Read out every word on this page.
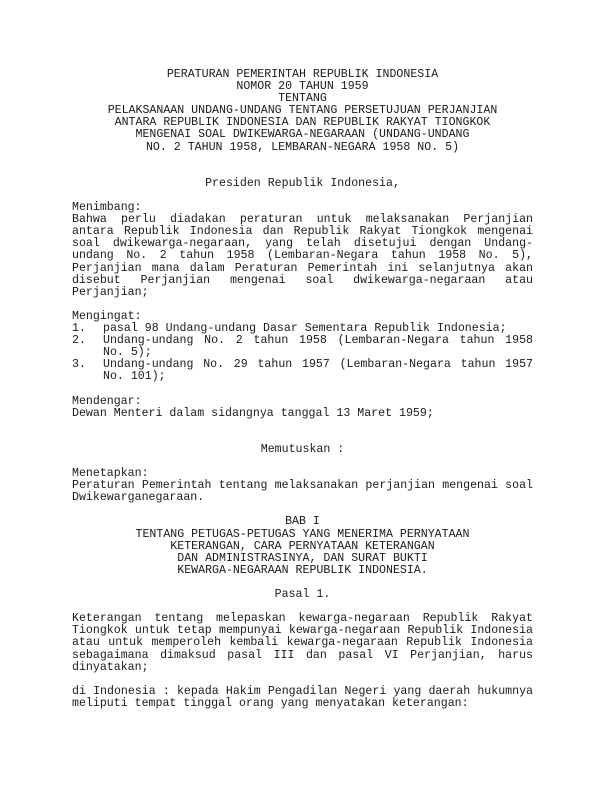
PERATURAN PEMERINTAH REPUBLIK INDONESIA
NOMOR 20 TAHUN 1959
TENTANG
PELAKSANAAN UNDANG-UNDANG TENTANG PERSETUJUAN PERJANJIAN
ANTARA REPUBLIK INDONESIA DAN REPUBLIK RAKYAT TIONGKOK
MENGENAI SOAL DWIKEWARGA-NEGARAAN (UNDANG-UNDANG
NO. 2 TAHUN 1958, LEMBARAN-NEGARA 1958 NO. 5)
Presiden Republik Indonesia,
Menimbang:
Bahwa perlu diadakan peraturan untuk melaksanakan Perjanjian
antara Republik Indonesia dan Republik Rakyat Tiongkok mengenai
soal dwikewarga-negaraan, yang telah disetujui dengan Undang-
undang No. 2 tahun 1958 (Lembaran-Negara tahun 1958 No. 5),
Perjanjian mana dalam Peraturan Pemerintah ini selanjutnya akan
disebut Perjanjian mengenai soal dwikewarga-negaraan atau
Perjanjian;
Mengingat:
1.	pasal 98 Undang-undang Dasar Sementara Republik Indonesia;
2.	Undang-undang No. 2 tahun 1958 (Lembaran-Negara tahun 1958
No. 5);
3.	Undang-undang No. 29 tahun 1957 (Lembaran-Negara tahun 1957
No. 101);
Mendengar:
Dewan Menteri dalam sidangnya tanggal 13 Maret 1959;
Memutuskan :
Menetapkan:
Peraturan Pemerintah tentang melaksanakan perjanjian mengenai soal
Dwikewarganegaraan.
BAB I
TENTANG PETUGAS-PETUGAS YANG MENERIMA PERNYATAAN
KETERANGAN, CARA PERNYATAAN KETERANGAN
DAN ADMINISTRASINYA, DAN SURAT BUKTI
KEWARGA-NEGARAAN REPUBLIK INDONESIA.
Pasal 1.
Keterangan tentang melepaskan kewarga-negaraan Republik Rakyat
Tiongkok untuk tetap mempunyai kewarga-negaraan Republik Indonesia
atau untuk memperoleh kembali kewarga-negaraan Republik Indonesia
sebagaimana dimaksud pasal III dan pasal VI Perjanjian, harus
dinyatakan;
di Indonesia : kepada Hakim Pengadilan Negeri yang daerah hukumnya
meliputi tempat tinggal orang yang menyatakan keterangan:
